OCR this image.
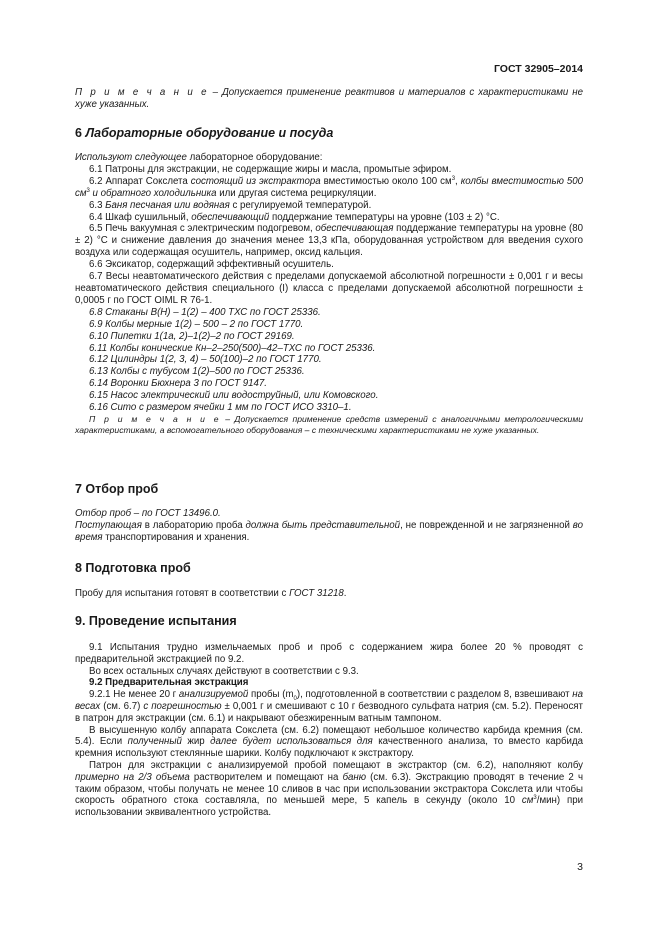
ГОСТ 32905–2014
П р и м е ч а н и е – Допускается применение реактивов и материалов с характеристиками не хуже указанных.
6 Лабораторные оборудование и посуда

Используют следующее лабораторное оборудование:

6.1 Патроны для экстракции, не содержащие жиры и масла, промытые эфиром.

6.2 Аппарат Сокслета состоящий из экстрактора вместимостью около 100 $см^3$, колбы вместимостью 500 $см^3$ и обратного холодильника или другая система рециркуляции.

6.3 Баня песчаная или водяная с регулируемой температурой.

6.4 Шкаф сушильный, обеспечивающий поддержание температуры на уровне (103 ± 2) °С.

6.5 Печь вакуумная с электрическим подогревом, обеспечивающая поддержание температуры на уровне (80 ± 2) °С и снижение давления до значения менее 13,3 кПа, оборудованная устройством для введения сухого воздуха или содержащая осушитель, например, оксид кальция.

6.6 Эксикатор, содержащий эффективный осушитель.

6.7 Весы неавтоматического действия с пределами допускаемой абсолютной погрешности ± 0,001 г и весы неавтоматического действия специального (I) класса с пределами допускаемой абсолютной погрешности ± 0,0005 г по ГОСТ OIML R 76-1.

6.8 Стаканы В(Н) – 1(2) – 400 ТХС по ГОСТ 25336.

6.9 Колбы мерные 1(2) – 500 – 2 по ГОСТ 1770.

6.10 Пипетки 1(1а, 2)–1(2)–2 по ГОСТ 29169.

6.11 Колбы конические Кн–2–250(500)–42–ТХС по ГОСТ 25336.

6.12 Цилиндры 1(2, 3, 4) – 50(100)–2 по ГОСТ 1770.

6.13 Колбы с тубусом 1(2)–500 по ГОСТ 25336.

6.14 Воронки Бюхнера 3 по ГОСТ 9147.

6.15 Насос электрический или водоструйный, или Комовского.

6.16 Сито с размером ячейки 1 мм по ГОСТ ИСО 3310–1.

П р и м е ч а н и е – Допускается применение средств измерений с аналогичными метрологическими характеристиками, а вспомогательного оборудования – с техническими характеристиками не хуже указанных.
7 Отбор проб

Отбор проб – по ГОСТ 13496.0.

Поступающая в лабораторию проба должна быть представительной, не поврежденной и не загрязненной во время транспортирования и хранения.

8 Подготовка проб

Пробу для испытания готовят в соответствии с ГОСТ 31218.

9. Проведение испытания

9.1 Испытания трудно измельчаемых проб и проб с содержанием жира более 20 % проводят с предварительной экстракцией по 9.2.

Во всех остальных случаях действуют в соответствии с 9.3.

9.2 Предварительная экстракция

9.2.1 Не менее 20 г анализируемой пробы $(m_0)$, подготовленной в соответствии с разделом 8, взвешивают на весах (см. 6.7) с погрешностью ± 0,001 г и смешивают с 10 г безводного сульфата натрия (см. 5.2). Переносят в патрон для экстракции (см. 6.1) и накрывают обезжиренным ватным тампоном.

В высушенную колбу аппарата Сокслета (см. 6.2) помещают небольшое количество карбида кремния (см. 5.4). Если полученный жир далее будет использоваться для качественного анализа, то вместо карбида кремния используют стеклянные шарики. Колбу подключают к экстрактору.

Патрон для экстракции с анализируемой пробой помещают в экстрактор (см. 6.2), наполняют колбу примерно на 2/3 объема растворителем и помещают на баню (см. 6.3). Экстракцию проводят в течение 2 ч таким образом, чтобы получать не менее 10 сливов в час при использовании экстрактора Сокслета или чтобы скорость обратного стока составляла, по меньшей мере, 5 капель в секунду (около 10 $см^3/мин$) при использовании эквивалентного устройства.

3
